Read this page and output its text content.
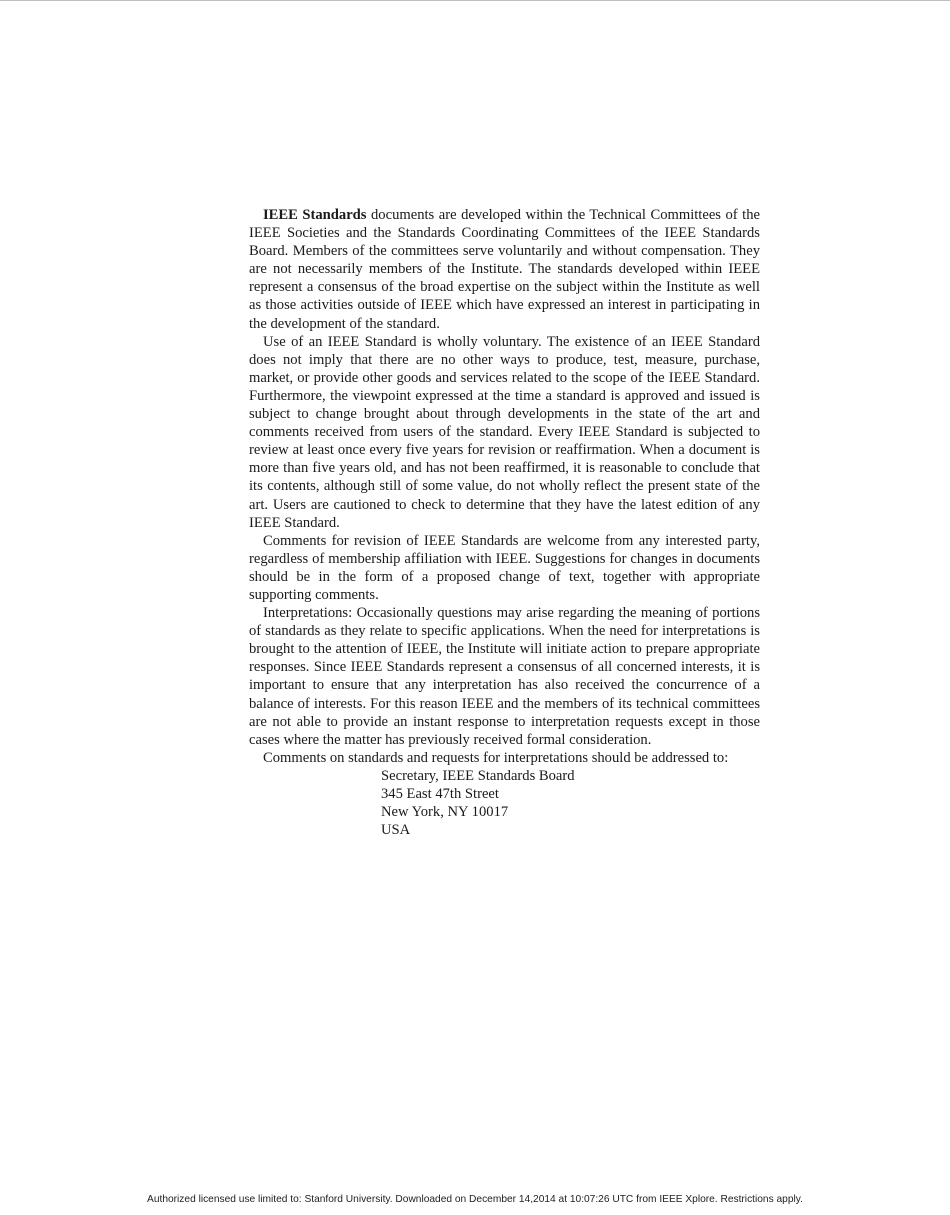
IEEE Standards documents are developed within the Technical Committees of the IEEE Societies and the Standards Coordinating Committees of the IEEE Standards Board. Members of the committees serve voluntarily and without compensation. They are not necessarily members of the Institute. The standards developed within IEEE represent a consensus of the broad expertise on the subject within the Institute as well as those activities outside of IEEE which have expressed an interest in participating in the development of the standard.

Use of an IEEE Standard is wholly voluntary. The existence of an IEEE Standard does not imply that there are no other ways to produce, test, measure, purchase, market, or provide other goods and services related to the scope of the IEEE Standard. Furthermore, the viewpoint expressed at the time a standard is approved and issued is subject to change brought about through developments in the state of the art and comments received from users of the standard. Every IEEE Standard is subjected to review at least once every five years for revision or reaffirmation. When a document is more than five years old, and has not been reaffirmed, it is reasonable to conclude that its contents, although still of some value, do not wholly reflect the present state of the art. Users are cautioned to check to determine that they have the latest edition of any IEEE Standard.

Comments for revision of IEEE Standards are welcome from any interested party, regardless of membership affiliation with IEEE. Suggestions for changes in documents should be in the form of a proposed change of text, together with appropriate supporting comments.

Interpretations: Occasionally questions may arise regarding the meaning of portions of standards as they relate to specific applications. When the need for interpretations is brought to the attention of IEEE, the Institute will initiate action to prepare appropriate responses. Since IEEE Standards represent a consensus of all concerned interests, it is important to ensure that any interpretation has also received the concurrence of a balance of interests. For this reason IEEE and the members of its technical committees are not able to provide an instant response to interpretation requests except in those cases where the matter has previously received formal consideration.

Comments on standards and requests for interpretations should be addressed to:

Secretary, IEEE Standards Board
345 East 47th Street
New York, NY 10017
USA
Authorized licensed use limited to: Stanford University. Downloaded on December 14,2014 at 10:07:26 UTC from IEEE Xplore. Restrictions apply.
